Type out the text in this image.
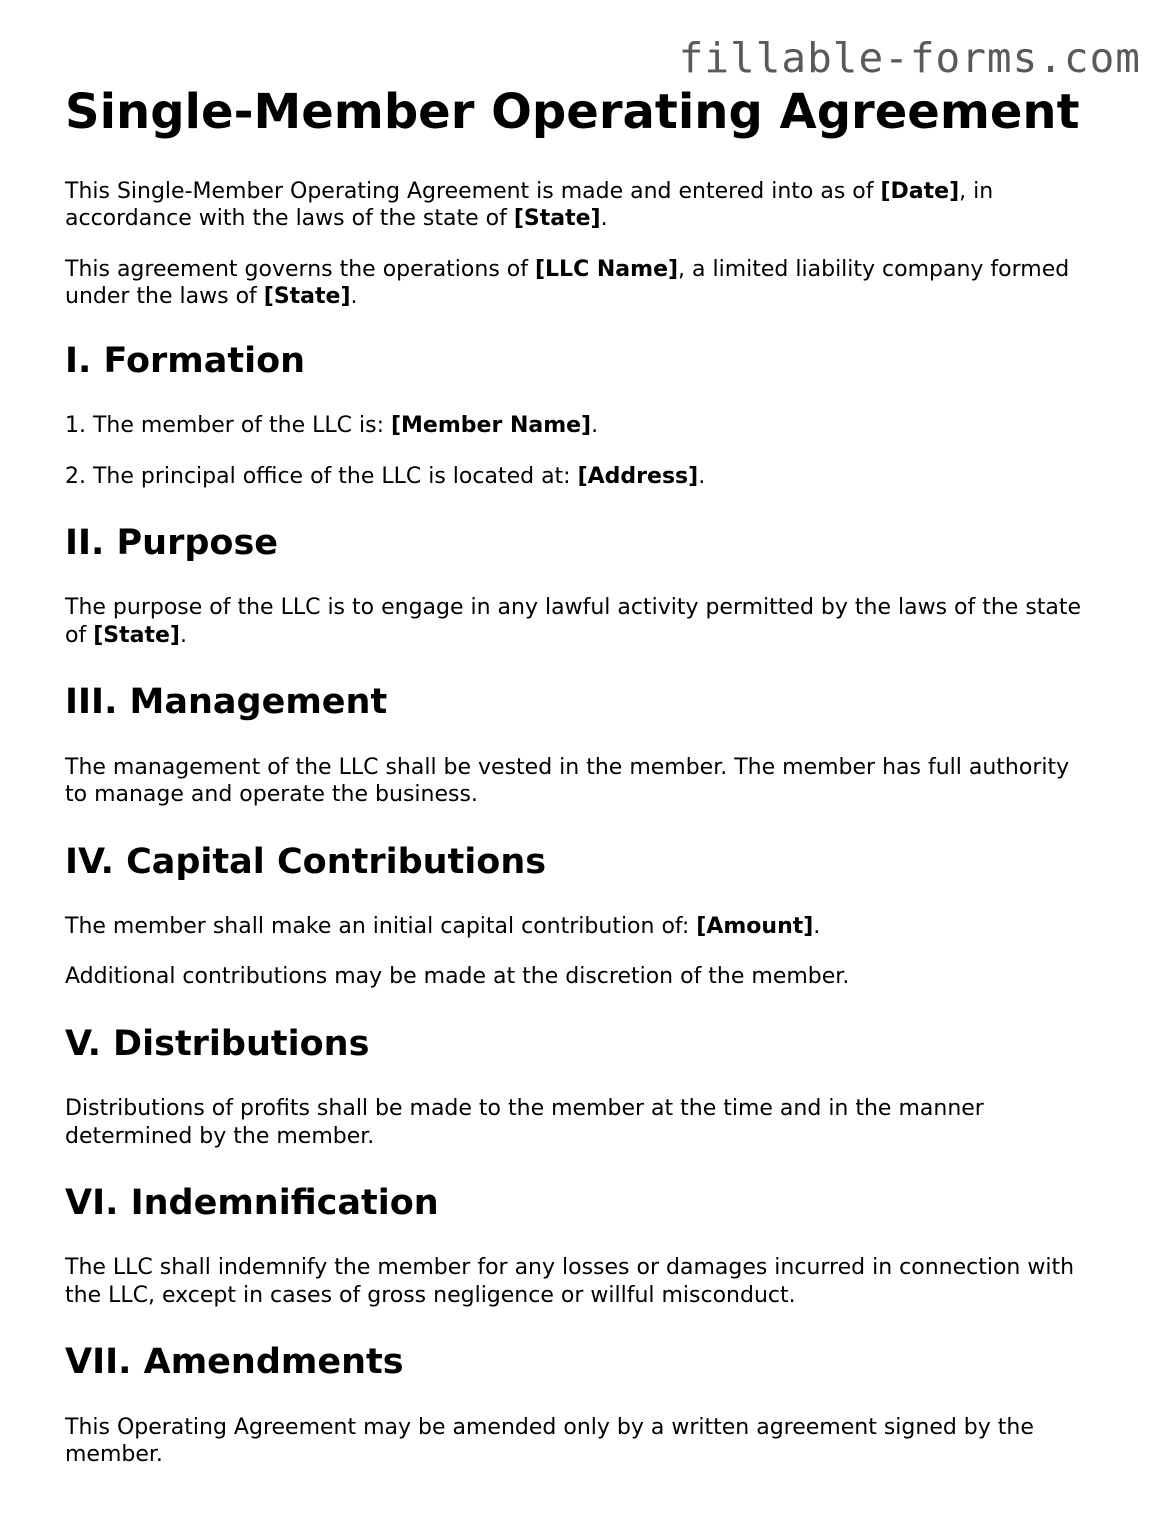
fillable-forms.com
Single-Member Operating Agreement

This Single-Member Operating Agreement is made and entered into as of [Date], in accordance with the laws of the state of [State].

This agreement governs the operations of [LLC Name], a limited liability company formed under the laws of [State].

I. Formation

1. The member of the LLC is: [Member Name].

2. The principal office of the LLC is located at: [Address].

II. Purpose

The purpose of the LLC is to engage in any lawful activity permitted by the laws of the state of [State].

III. Management

The management of the LLC shall be vested in the member. The member has full authority to manage and operate the business.

IV. Capital Contributions

The member shall make an initial capital contribution of: [Amount].

Additional contributions may be made at the discretion of the member.

V. Distributions

Distributions of profits shall be made to the member at the time and in the manner determined by the member.

VI. Indemnification

The LLC shall indemnify the member for any losses or damages incurred in connection with the LLC, except in cases of gross negligence or willful misconduct.

VII. Amendments

This Operating Agreement may be amended only by a written agreement signed by the member.
